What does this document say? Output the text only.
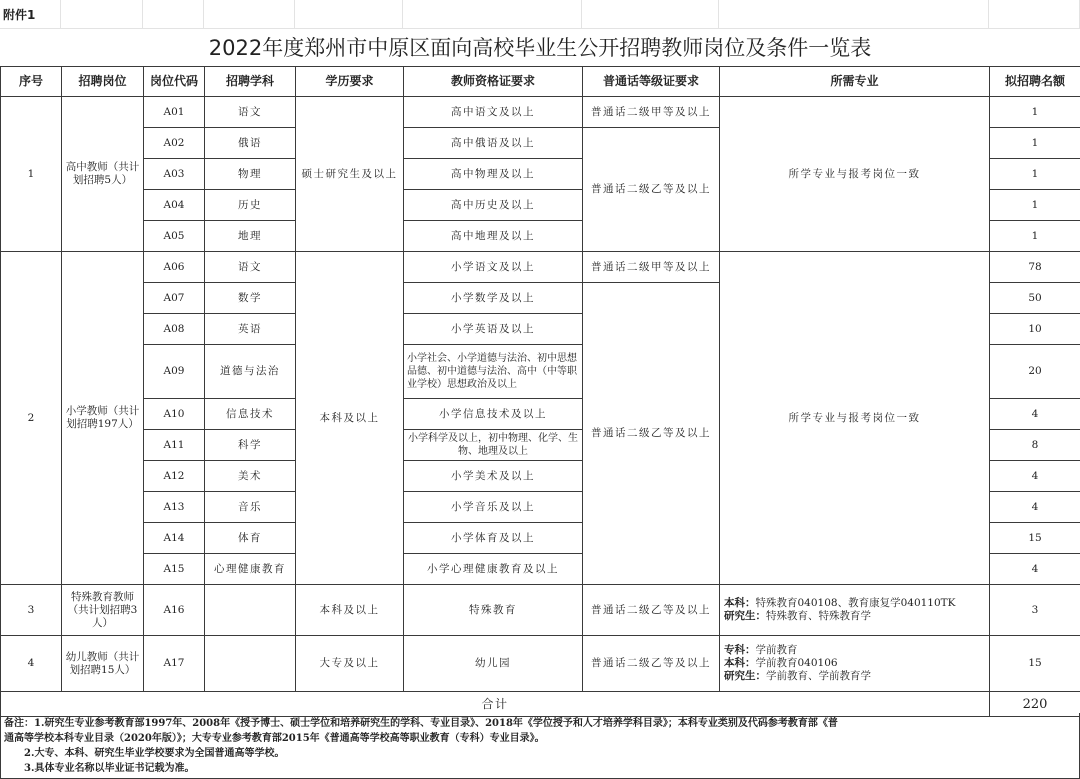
附件1
2022年度郑州市中原区面向高校毕业生公开招聘教师岗位及条件一览表
序号	招聘岗位	岗位代码	招聘学科	学历要求	教师资格证要求	普通话等级证要求	所需专业	拟招聘名额
1	高中教师（共计划招聘5人）	A01	语文	硕士研究生及以上	高中语文及以上	普通话二级甲等及以上	所学专业与报考岗位一致	1
		A02	俄语		高中俄语及以上	普通话二级乙等及以上		1
		A03	物理		高中物理及以上			1
		A04	历史		高中历史及以上			1
		A05	地理		高中地理及以上			1
2	小学教师（共计划招聘197人）	A06	语文	本科及以上	小学语文及以上	普通话二级甲等及以上	所学专业与报考岗位一致	78
		A07	数学		小学数学及以上	普通话二级乙等及以上		50
		A08	英语		小学英语及以上			10
		A09	道德与法治		小学社会、小学道德与法治、初中思想品德、初中道德与法治、高中（中等职业学校）思想政治及以上			20
		A10	信息技术		小学信息技术及以上			4
		A11	科学		小学科学及以上，初中物理、化学、生物、地理及以上			8
		A12	美术		小学美术及以上			4
		A13	音乐		小学音乐及以上			4
		A14	体育		小学体育及以上			15
		A15	心理健康教育		小学心理健康教育及以上			4
3	特殊教育教师（共计划招聘3人）	A16		本科及以上	特殊教育	普通话二级乙等及以上	本科：特殊教育040108、教育康复学040110TK
研究生：特殊教育、特殊教育学	3
4	幼儿教师（共计划招聘15人）	A17		大专及以上	幼儿园	普通话二级乙等及以上	专科：学前教育
本科：学前教育040106
研究生：学前教育、学前教育学	15
合计								220
备注：1.研究生专业参考教育部1997年、2008年《授予博士、硕士学位和培养研究生的学科、专业目录》、2018年《学位授予和人才培养学科目录》；本科专业类别及代码参考教育部《普
通高等学校本科专业目录（2020年版）》；大专专业参考教育部2015年《普通高等学校高等职业教育（专科）专业目录》。
　　2.大专、本科、研究生毕业学校要求为全国普通高等学校。
　　3.具体专业名称以毕业证书记载为准。
